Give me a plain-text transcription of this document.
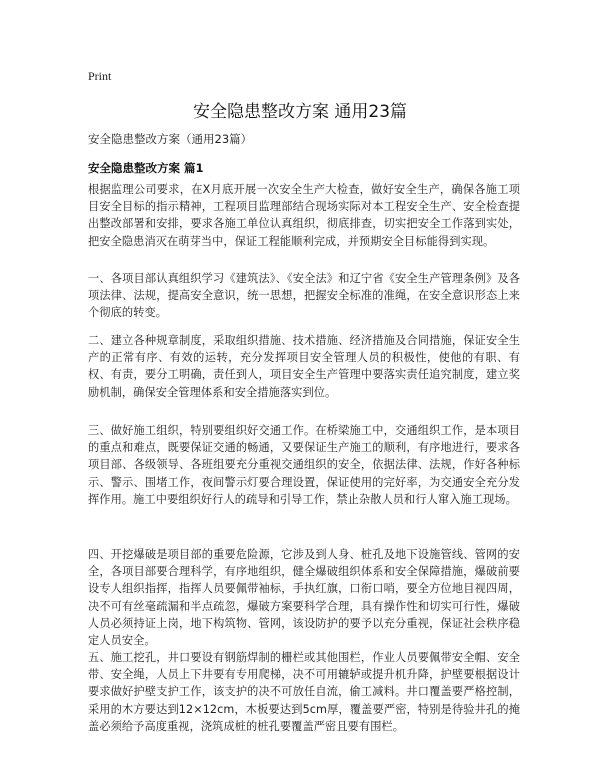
Print
安全隐患整改方案 通用23篇
安全隐患整改方案（通用23篇）
安全隐患整改方案 篇1

根据监理公司要求，在X月底开展一次安全生产大检查，做好安全生产，确保各施工项目安全目标的指示精神，工程项目监理部结合现场实际对本工程安全生产、安全检查提出整改部署和安排，要求各施工单位认真组织，彻底排查，切实把安全工作落到实处，把安全隐患消灭在萌芽当中，保证工程能顺利完成，并预期安全目标能得到实现。

一、各项目部认真组织学习《建筑法》、《安全法》和辽宁省《安全生产管理条例》及各项法律、法规，提高安全意识，统一思想，把握安全标准的准绳，在安全意识形态上来个彻底的转变。

二、建立各种规章制度，采取组织措施、技术措施、经济措施及合同措施，保证安全生产的正常有序、有效的运转，充分发挥项目安全管理人员的积极性，使他的有职、有权、有责，要分工明确，责任到人，项目安全生产管理中要落实责任追究制度，建立奖励机制，确保安全管理体系和安全措施落实到位。

三、做好施工组织，特别要组织好交通工作。在桥梁施工中，交通组织工作，是本项目的重点和难点，既要保证交通的畅通，又要保证生产施工的顺利，有序地进行，要求各项目部、各级领导、各班组要充分重视交通组织的安全，依据法律、法规，作好各种标示、警示、围堵工作，夜间警示灯要合理设置，保证使用的完好率，为交通安全充分发挥作用。施工中要组织好行人的疏导和引导工作，禁止杂散人员和行人窜入施工现场。

四、开挖爆破是项目部的重要危险源，它涉及到人身、桩孔及地下设施管线、管网的安全，各项目部要合理科学，有序地组织，健全爆破组织体系和安全保障措施，爆破前要设专人组织指挥，指挥人员要佩带袖标，手执红旗，口衔口哨，要全方位地目视四周，决不可有丝毫疏漏和半点疏忽，爆破方案要科学合理，具有操作性和切实可行性，爆破人员必须持证上岗，地下构筑物、管网，该设防护的要予以充分重视，保证社会秩序稳定人员安全。

五、施工挖孔，井口要设有钢筋焊制的栅栏或其他围栏，作业人员要佩带安全帽、安全带、安全绳，人员上下井要有专用爬梯，决不可用辘轳或提升机升降，护壁要根据设计要求做好护壁支护工作，该支护的决不可放任自流，偷工减料。井口覆盖要严格控制，采用的木方要达到12×12cm，木板要达到5cm厚，覆盖要严密，特别是待验井孔的掩盖必须给予高度重视，浇筑成桩的桩孔要覆盖严密且要有围栏。
